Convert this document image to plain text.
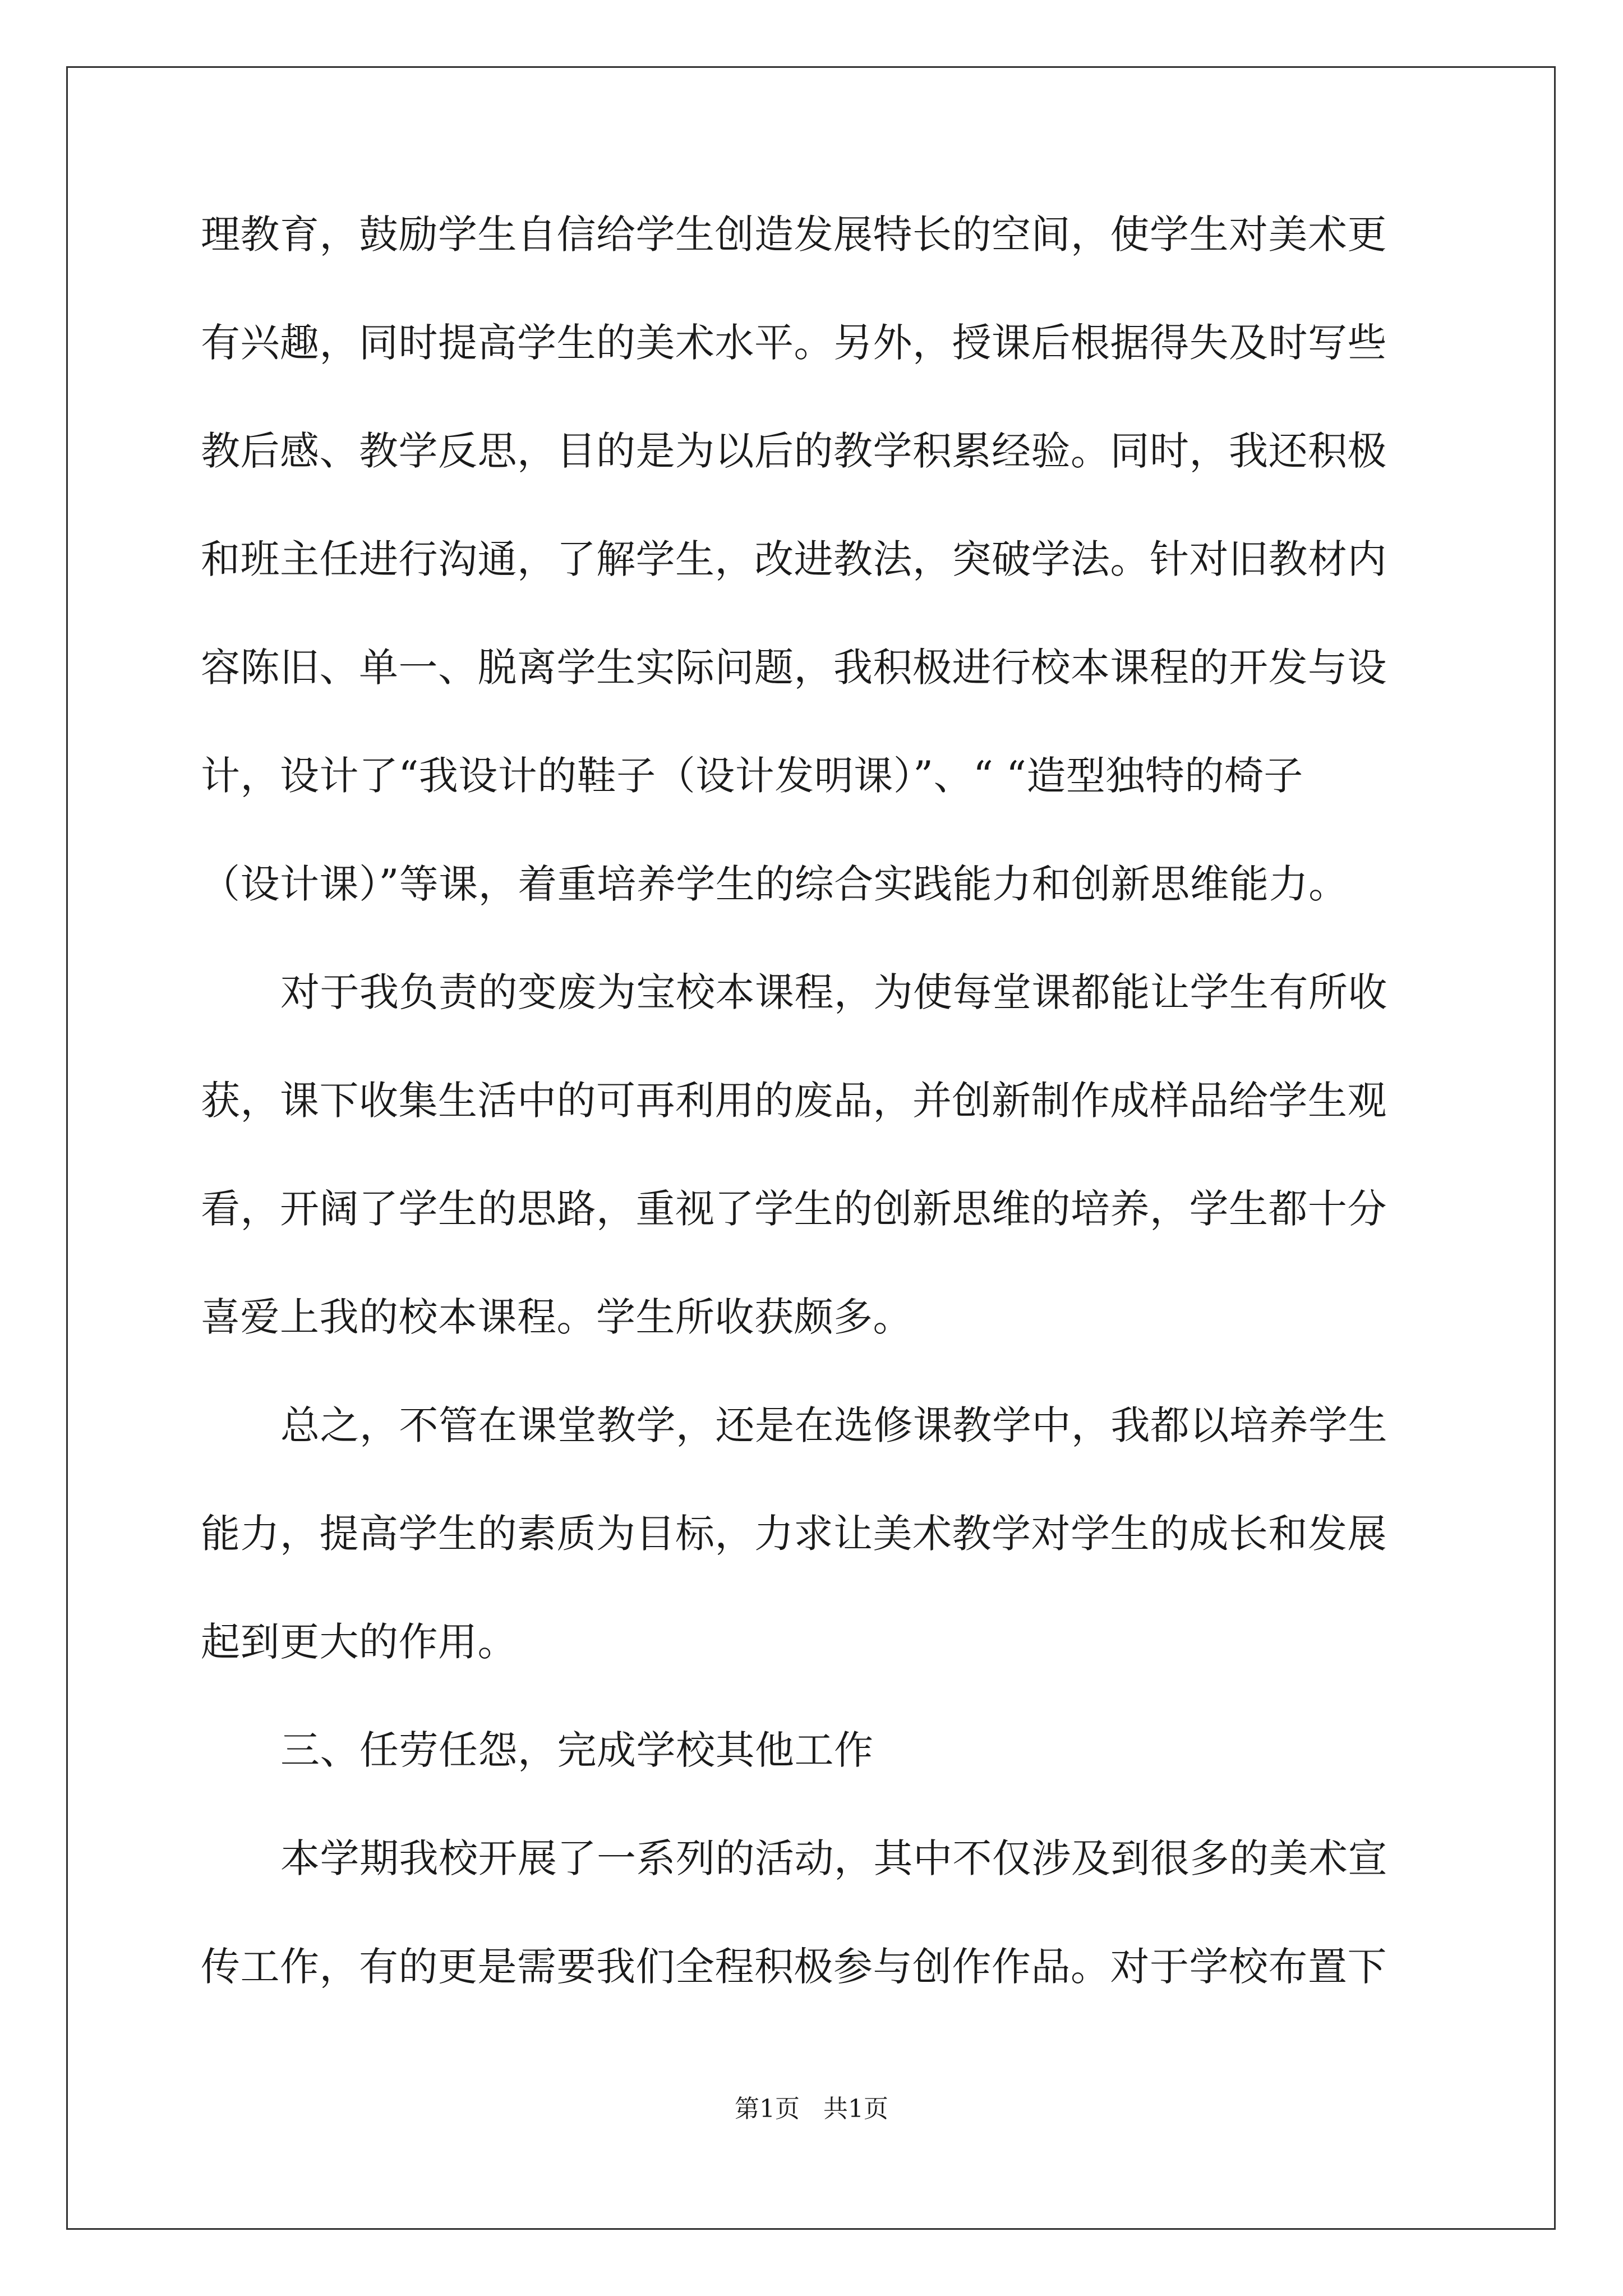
理教育，鼓励学生自信给学生创造发展特长的空间，使学生对美术更
有兴趣，同时提高学生的美术水平。另外，授课后根据得失及时写些
教后感、教学反思，目的是为以后的教学积累经验。同时，我还积极
和班主任进行沟通，了解学生，改进教法，突破学法。针对旧教材内
容陈旧、单一、脱离学生实际问题，我积极进行校本课程的开发与设
计，设计了“我设计的鞋子（设计发明课）”、“ “造型独特的椅子
（设计课）”等课，着重培养学生的综合实践能力和创新思维能力。
对于我负责的变废为宝校本课程，为使每堂课都能让学生有所收
获，课下收集生活中的可再利用的废品，并创新制作成样品给学生观
看，开阔了学生的思路，重视了学生的创新思维的培养，学生都十分
喜爱上我的校本课程。学生所收获颇多。
总之，不管在课堂教学，还是在选修课教学中，我都以培养学生
能力，提高学生的素质为目标，力求让美术教学对学生的成长和发展
起到更大的作用。
三、任劳任怨，完成学校其他工作
本学期我校开展了一系列的活动，其中不仅涉及到很多的美术宣
传工作，有的更是需要我们全程积极参与创作作品。对于学校布置下
第1页 共1页
